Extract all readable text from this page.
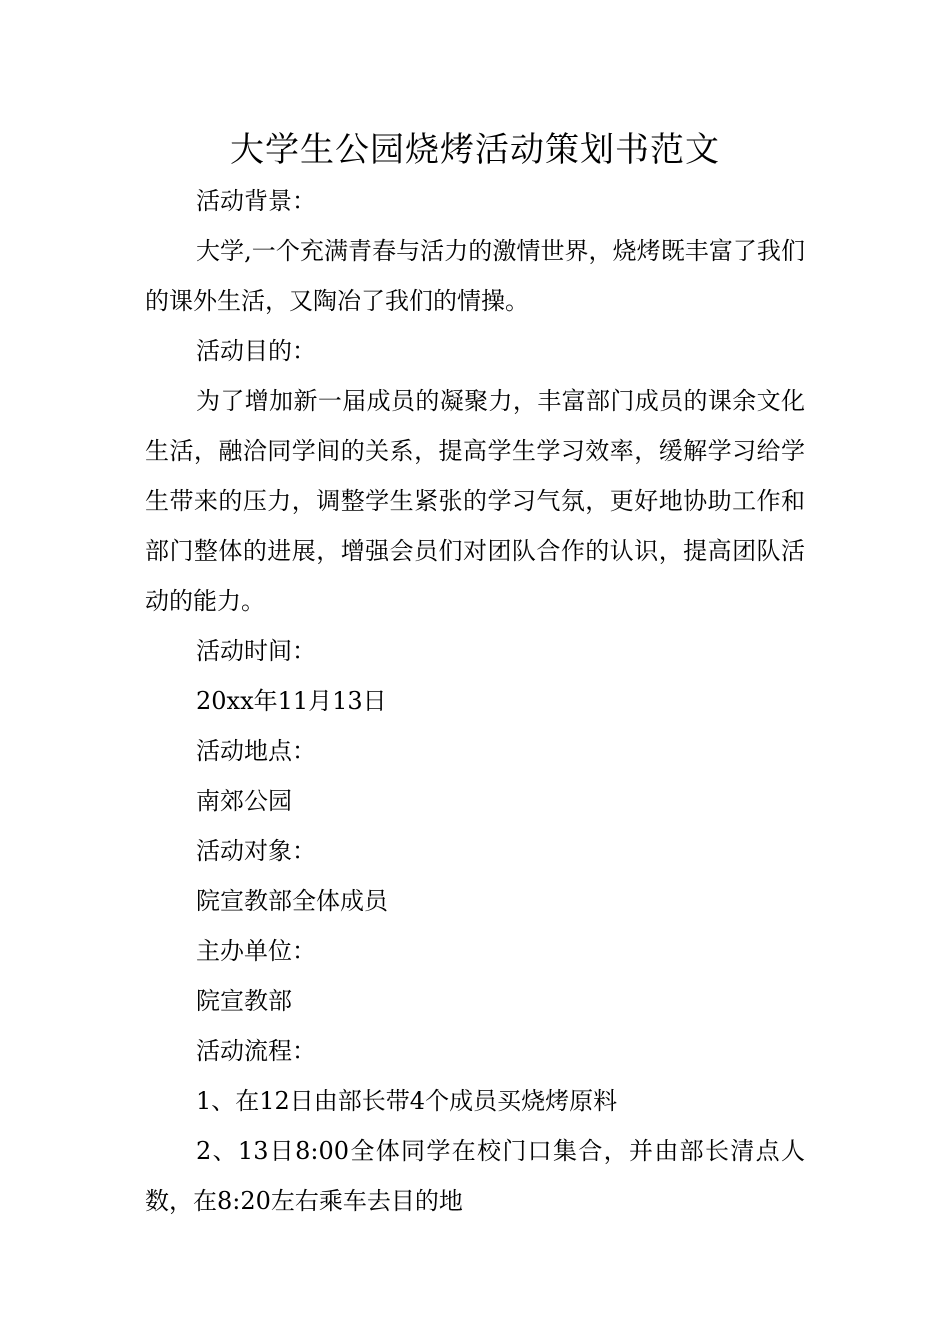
大学生公园烧烤活动策划书范文

活动背景：

大学,一个充满青春与活力的激情世界，烧烤既丰富了我们的课外生活，又陶冶了我们的情操。

活动目的：

为了增加新一届成员的凝聚力，丰富部门成员的课余文化生活，融洽同学间的关系，提高学生学习效率，缓解学习给学生带来的压力，调整学生紧张的学习气氛，更好地协助工作和部门整体的进展，增强会员们对团队合作的认识，提高团队活动的能力。

活动时间：

20xx年11月13日

活动地点：

南郊公园

活动对象：

院宣教部全体成员

主办单位：

院宣教部

活动流程：

1、在12日由部长带4个成员买烧烤原料

2、13日8:00全体同学在校门口集合，并由部长清点人数，在8:20左右乘车去目的地
